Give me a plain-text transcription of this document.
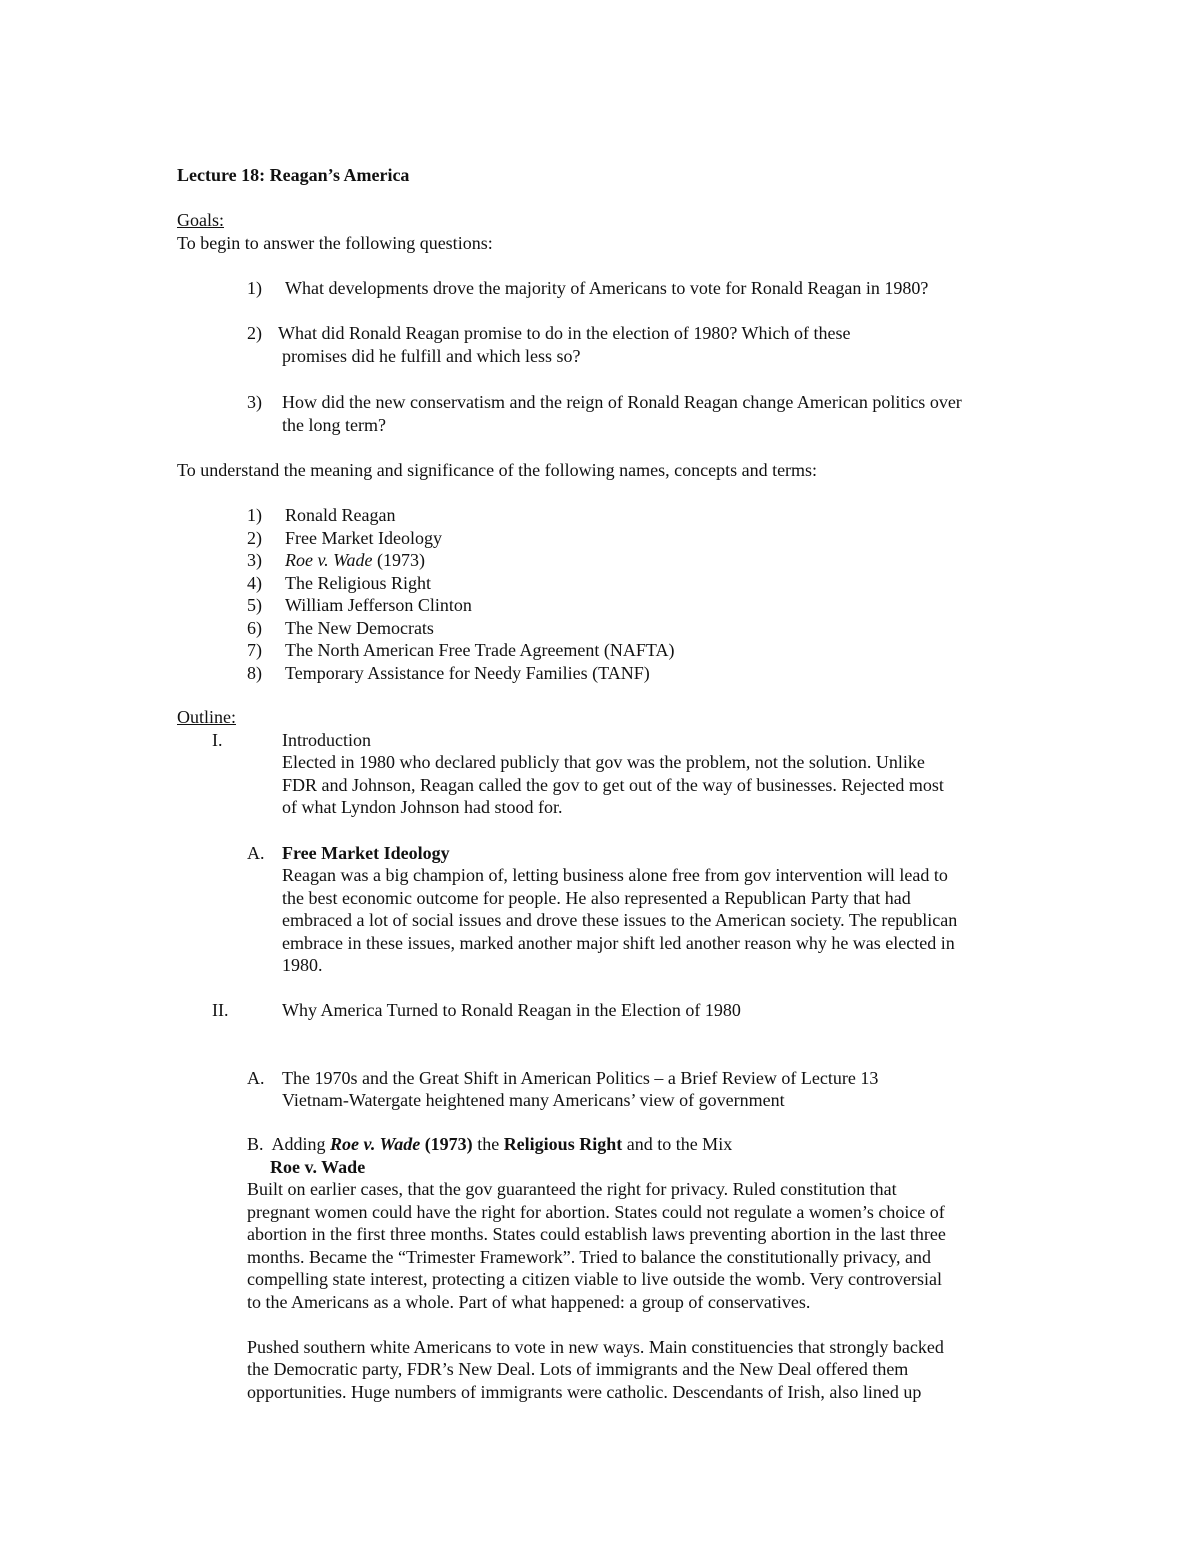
Lecture 18: Reagan’s America
Goals:
To begin to answer the following questions:
1) What developments drove the majority of Americans to vote for Ronald Reagan in 1980?
2) What did Ronald Reagan promise to do in the election of 1980? Which of these
promises did he fulfill and which less so?
3) How did the new conservatism and the reign of Ronald Reagan change American politics over
the long term?
To understand the meaning and significance of the following names, concepts and terms:
1) Ronald Reagan
2) Free Market Ideology
3) Roe v. Wade (1973)
4) The Religious Right
5) William Jefferson Clinton
6) The New Democrats
7) The North American Free Trade Agreement (NAFTA)
8) Temporary Assistance for Needy Families (TANF)
Outline:
I.	Introduction
Elected in 1980 who declared publicly that gov was the problem, not the solution. Unlike
FDR and Johnson, Reagan called the gov to get out of the way of businesses. Rejected most
of what Lyndon Johnson had stood for.
A. Free Market Ideology
Reagan was a big champion of, letting business alone free from gov intervention will lead to
the best economic outcome for people. He also represented a Republican Party that had
embraced a lot of social issues and drove these issues to the American society. The republican
embrace in these issues, marked another major shift led another reason why he was elected in
1980.
II.	Why America Turned to Ronald Reagan in the Election of 1980
A. The 1970s and the Great Shift in American Politics – a Brief Review of Lecture 13
Vietnam-Watergate heightened many Americans’ view of government
B. Adding Roe v. Wade (1973) the Religious Right and to the Mix
Roe v. Wade
Built on earlier cases, that the gov guaranteed the right for privacy. Ruled constitution that
pregnant women could have the right for abortion. States could not regulate a women’s choice of
abortion in the first three months. States could establish laws preventing abortion in the last three
months. Became the “Trimester Framework”. Tried to balance the constitutionally privacy, and
compelling state interest, protecting a citizen viable to live outside the womb. Very controversial
to the Americans as a whole. Part of what happened: a group of conservatives.
Pushed southern white Americans to vote in new ways. Main constituencies that strongly backed
the Democratic party, FDR’s New Deal. Lots of immigrants and the New Deal offered them
opportunities. Huge numbers of immigrants were catholic. Descendants of Irish, also lined up
